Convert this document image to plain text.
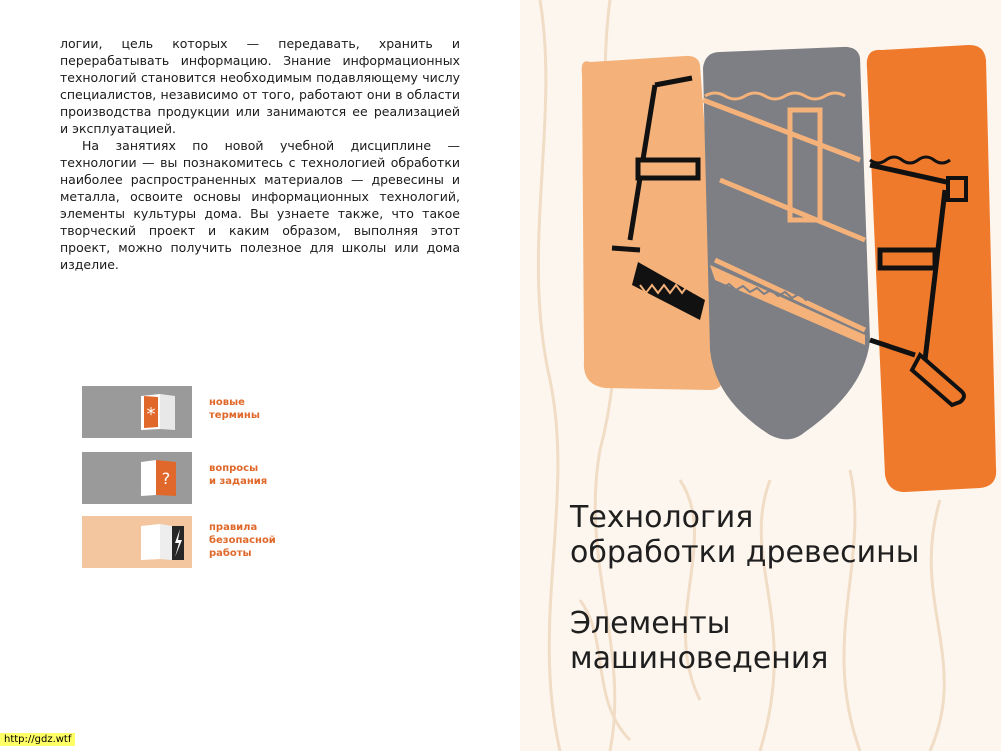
логии, цель которых — передавать, хранить и перерабатывать информацию. Знание информационных технологий становится необходимым подавляющему числу специалистов, независимо от того, работают они в области производства продукции или занимаются ее реализацией и эксплуатацией.

На занятиях по новой учебной дисциплине — технологии — вы познакомитесь с технологией обработки наиболее распространенных материалов — древесины и металла, освоите основы информационных технологий, элементы культуры дома. Вы узнаете также, что такое творческий проект и каким образом, выполняя этот проект, можно получить полезное для школы или дома изделие.

*
новые
термины
?
вопросы
и задания
ϟ
правила
безопасной
работы
http://gdz.wtf
Технология
обработки древесины
Элементы
машиноведения
